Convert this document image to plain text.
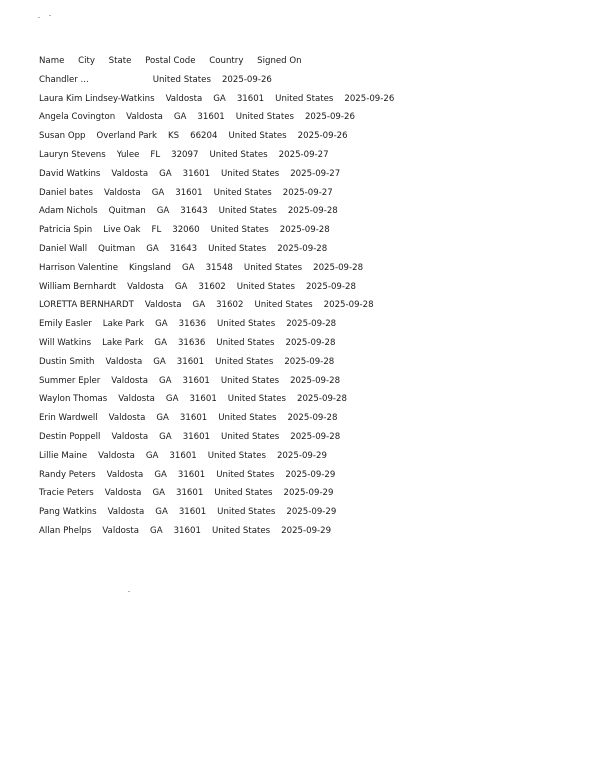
Name City State Postal Code Country Signed On
Chandler ...	United States 2025-09-26
Laura Kim Lindsey-Watkins Valdosta GA 31601 United States 2025-09-26
Angela Covington Valdosta GA 31601 United States 2025-09-26
Susan Opp Overland Park KS 66204 United States 2025-09-26
Lauryn Stevens Yulee FL 32097 United States 2025-09-27
David Watkins Valdosta GA 31601 United States 2025-09-27
Daniel bates Valdosta GA 31601 United States 2025-09-27
Adam Nichols Quitman GA 31643 United States 2025-09-28
Patricia Spin Live Oak FL 32060 United States 2025-09-28
Daniel Wall Quitman GA 31643 United States 2025-09-28
Harrison Valentine Kingsland GA 31548 United States 2025-09-28
William Bernhardt Valdosta GA 31602 United States 2025-09-28
LORETTA BERNHARDT Valdosta GA 31602 United States 2025-09-28
Emily Easler Lake Park GA 31636 United States 2025-09-28
Will Watkins Lake Park GA 31636 United States 2025-09-28
Dustin Smith Valdosta GA 31601 United States 2025-09-28
Summer Epler Valdosta GA 31601 United States 2025-09-28
Waylon Thomas Valdosta GA 31601 United States 2025-09-28
Erin Wardwell Valdosta GA 31601 United States 2025-09-28
Destin Poppell Valdosta GA 31601 United States 2025-09-28
Lillie Maine Valdosta GA 31601 United States 2025-09-29
Randy Peters Valdosta GA 31601 United States 2025-09-29
Tracie Peters Valdosta GA 31601 United States 2025-09-29
Pang Watkins Valdosta GA 31601 United States 2025-09-29
Allan Phelps Valdosta GA 31601 United States 2025-09-29
